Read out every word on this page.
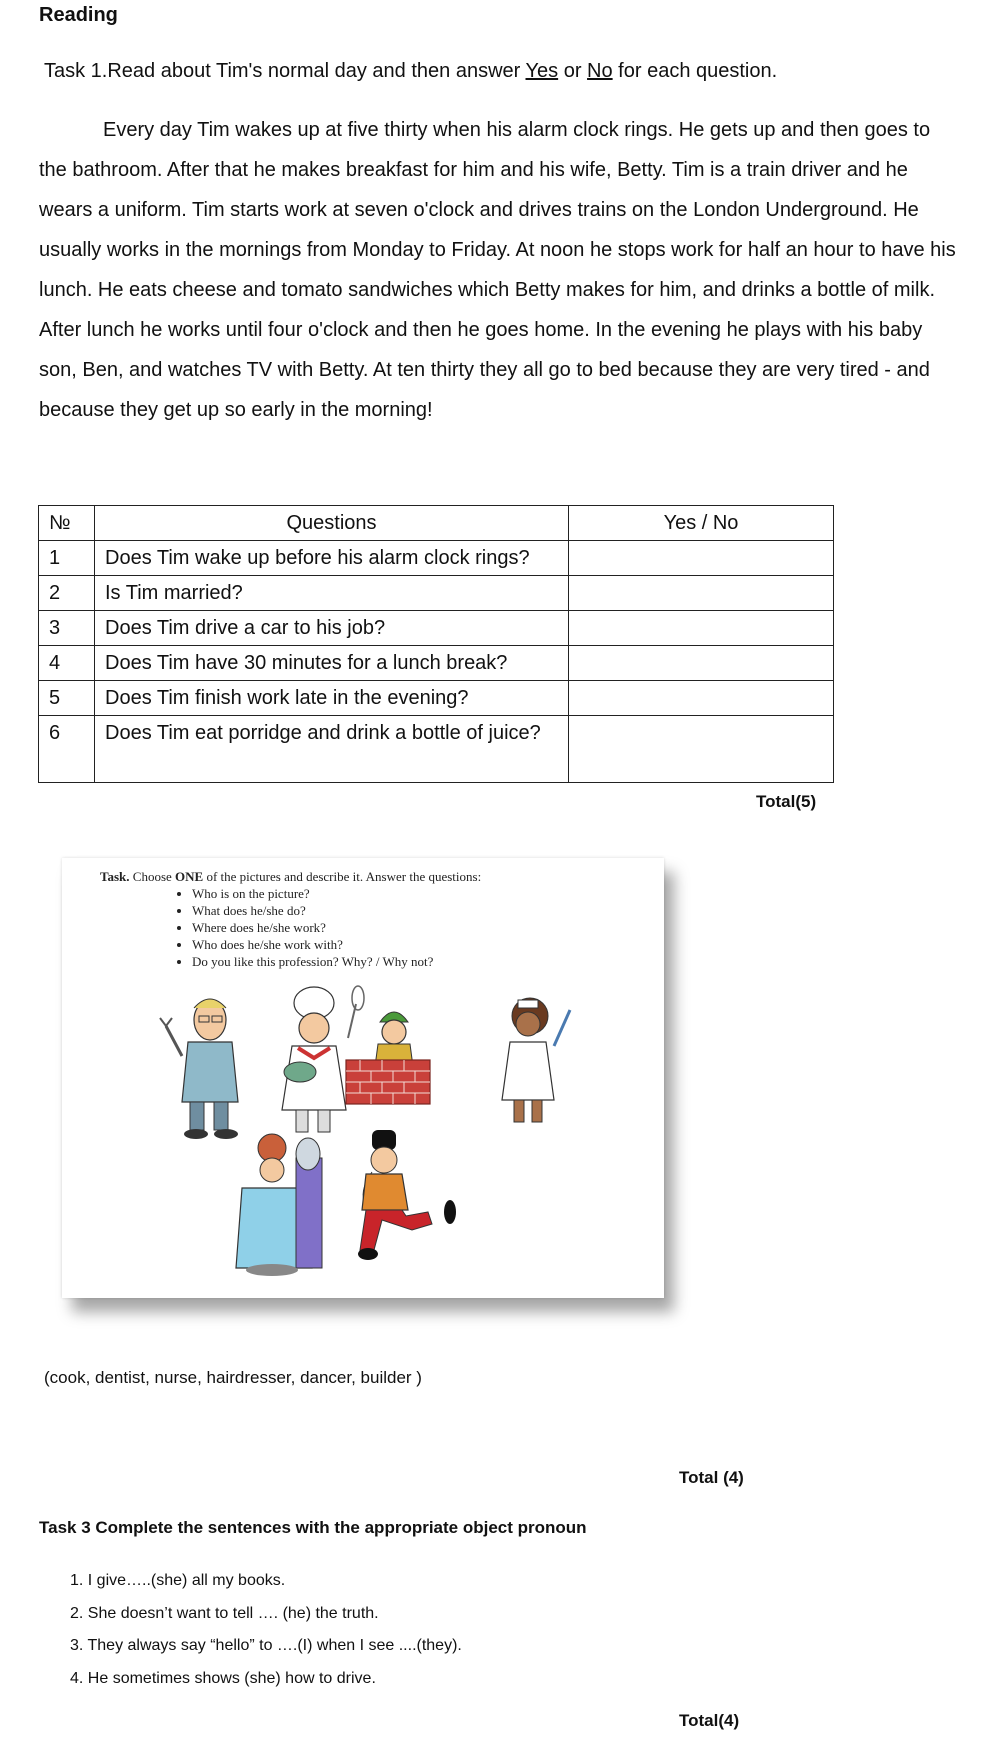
Reading
Task 1.Read about Tim's normal day and then answer Yes or No for each question.
Every day Tim wakes up at five thirty when his alarm clock rings. He gets up and then goes to the bathroom. After that he makes breakfast for him and his wife, Betty. Tim is a train driver and he wears a uniform. Tim starts work at seven o'clock and drives trains on the London Underground. He usually works in the mornings from Monday to Friday. At noon he stops work for half an hour to have his lunch. He eats cheese and tomato sandwiches which Betty makes for him, and drinks a bottle of milk. After lunch he works until four o'clock and then he goes home. In the evening he plays with his baby son, Ben, and watches TV with Betty. At ten thirty they all go to bed because they are very tired - and because they get up so early in the morning!
№	Questions	Yes / No
1	Does Tim wake up before his alarm clock rings?	
2	Is Tim married?	
3	Does Tim drive a car to his job?	
4	Does Tim have 30 minutes for a lunch break?	
5	Does Tim finish work late in the evening?	
6	Does Tim eat porridge and drink a bottle of juice?	
Total(5)
Task. Choose ONE of the pictures and describe it. Answer the questions:
• Who is on the picture?
• What does he/she do?
• Where does he/she work?
• Who does he/she work with?
• Do you like this profession? Why? / Why not?
(cook, dentist, nurse, hairdresser, dancer, builder )
Total (4)
Task 3 Complete the sentences with the appropriate object pronoun
1. I give…..(she) all my books.
2. She doesn’t want to tell …. (he) the truth.
3. They always say “hello” to ….(I) when I see ....(they).
4. He sometimes shows (she) how to drive.
Total(4)
